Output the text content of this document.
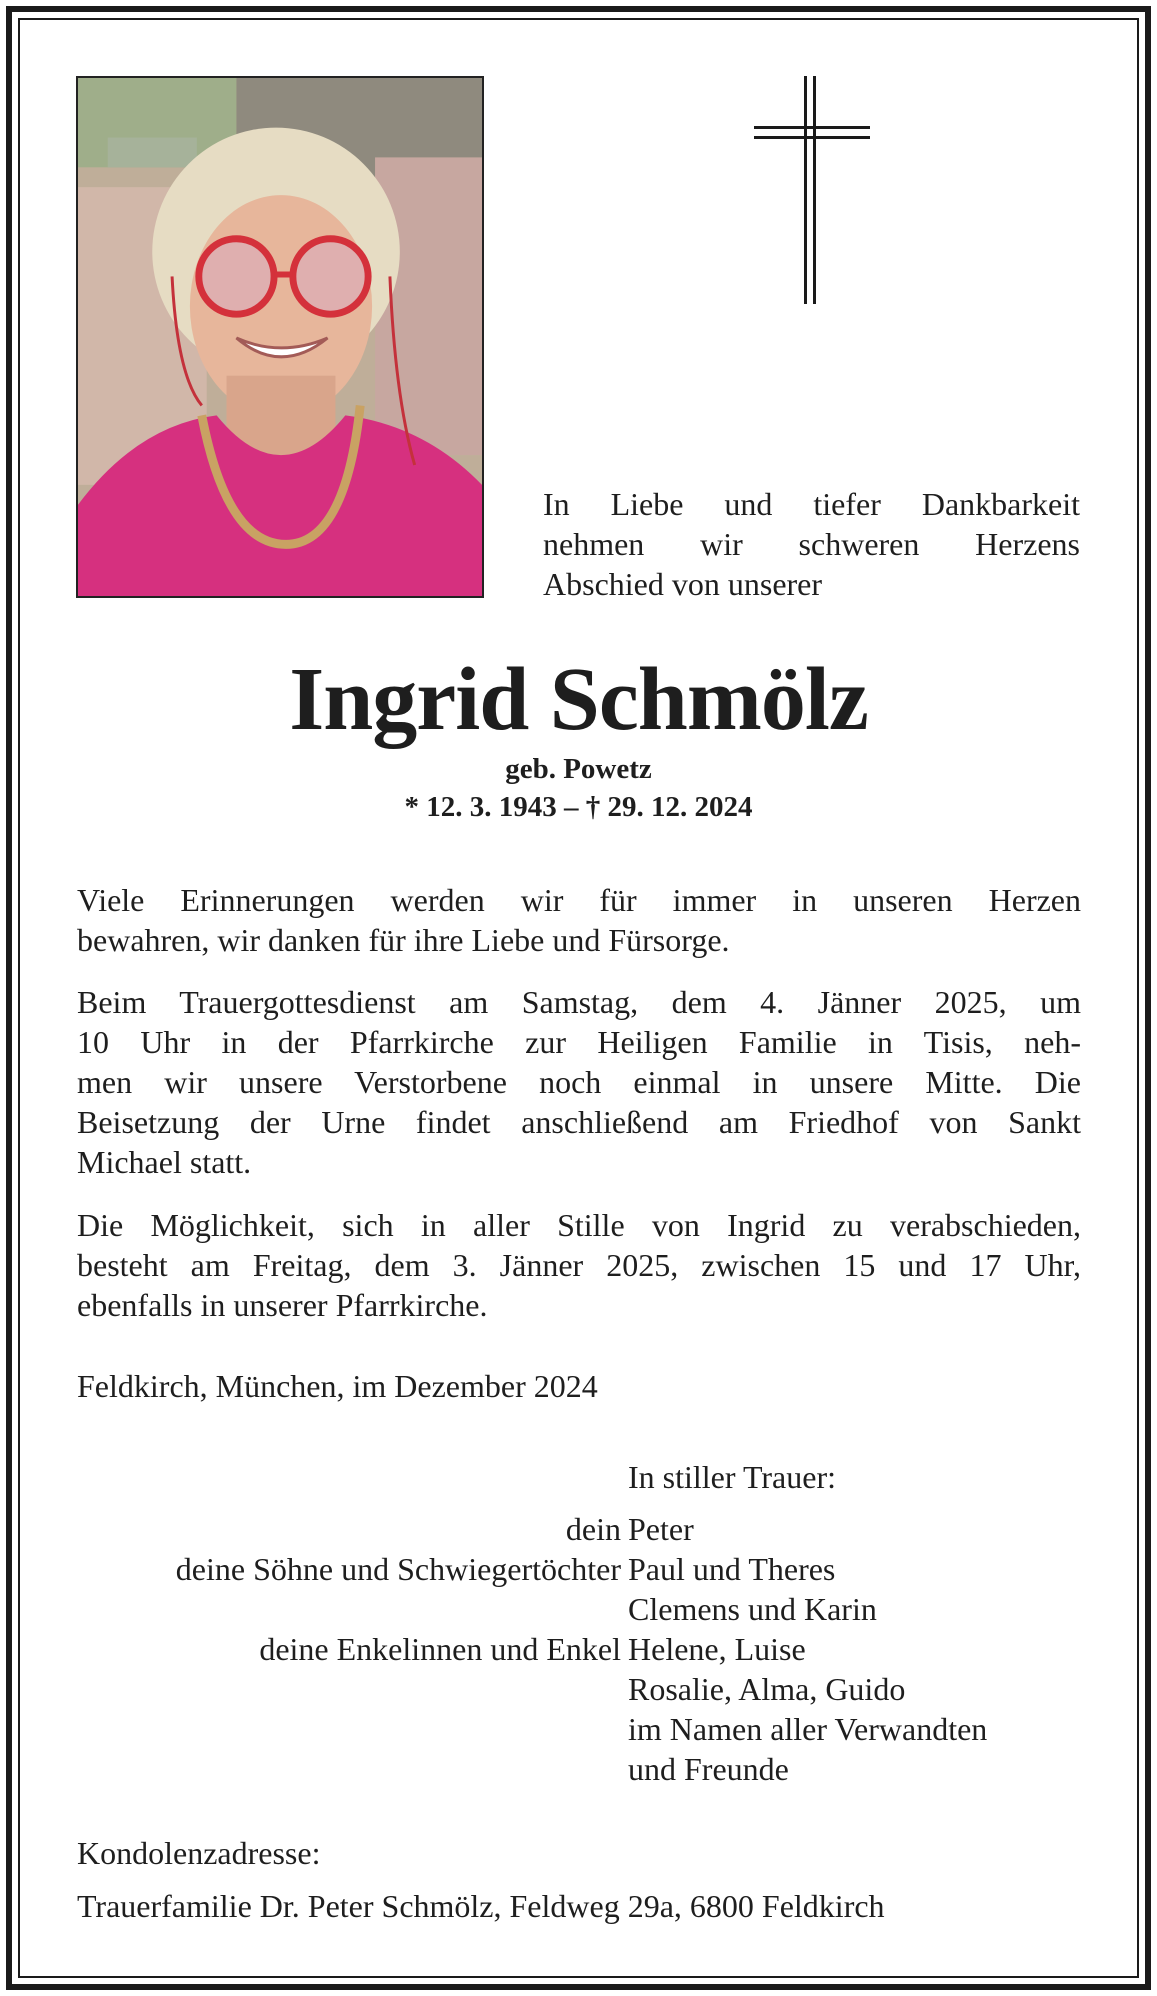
In Liebe und tiefer Dankbarkeit
nehmen wir schweren Herzens
Abschied von unserer
Ingrid Schmölz
geb. Powetz
* 12. 3. 1943 – † 29. 12. 2024
Viele Erinnerungen werden wir für immer in unseren Herzen
bewahren, wir danken für ihre Liebe und Fürsorge.
Beim Trauergottesdienst am Samstag, dem 4. Jänner 2025, um
10 Uhr in der Pfarrkirche zur Heiligen Familie in Tisis, neh-
men wir unsere Verstorbene noch einmal in unsere Mitte. Die
Beisetzung der Urne findet anschließend am Friedhof von Sankt
Michael statt.
Die Möglichkeit, sich in aller Stille von Ingrid zu verabschieden,
besteht am Freitag, dem 3. Jänner 2025, zwischen 15 und 17 Uhr,
ebenfalls in unserer Pfarrkirche.
Feldkirch, München, im Dezember 2024
In stiller Trauer:
dein Peter
deine Söhne und Schwiegertöchter Paul und Theres
Clemens und Karin
deine Enkelinnen und Enkel Helene, Luise
Rosalie, Alma, Guido
im Namen aller Verwandten
und Freunde
Kondolenzadresse:
Trauerfamilie Dr. Peter Schmölz, Feldweg 29a, 6800 Feldkirch
